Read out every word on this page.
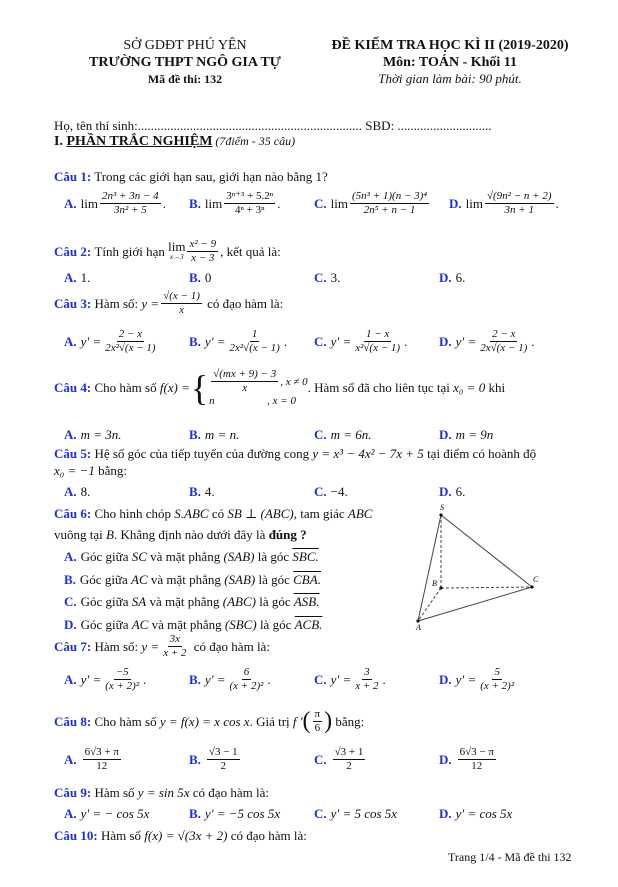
SỞ GDĐT PHÚ YÊN
TRƯỜNG THPT NGÔ GIA TỰ
Mã đề thi: 132
ĐỀ KIỂM TRA HỌC KÌ II (2019-2020)
Môn: TOÁN - Khối 11
Thời gian làm bài: 90 phút.
Họ, tên thí sinh:..................................................................... SBD: .............................
I. PHẦN TRẮC NGHIỆM (7điểm - 35 câu)
Câu 1: Trong các giới hạn sau, giới hạn nào bằng 1?
A. $\lim \frac{\text{2n³ + 3n − 4}}{\text{3n² + 5}}$ .	B. $\lim \frac{\text{3ⁿ⁺³ + 5.2ⁿ}}{\text{4ⁿ + 3ⁿ}}$ .	C. $\lim \frac{\text{(5n³ + 1)(n − 3)⁴}}{\text{2n⁵ + n − 1}} D$. $\lim \frac{\text{√(9n² − n + 2)}}{3n + 1}$ .
Câu 2:
Tính giới hạn
lim
$x\to 3 \frac{\text{x² − 9}}{x - 3}$ , kết quả là:
A. 1.	B. 0	C. 3.	D. 6.
Câu 3:
Hàm số:
$y = \frac{√(x - 1)}{x}$
có đạo hàm là:
A. $y' = \frac{2 - x}{\text{2x²√(x − 1)}} B$. $y' = \frac{1}{\text{2x²√(x − 1)}}$ .	C. $y' = \frac{1 - x}{\text{x²√(x − 1)}}$ .	D. $y' = \frac{2 - x}{2x√(x - 1)}$ .
Câu 4:
Cho hàm số
f(x) = { $\frac{√(mx + 9) - 3}{x}$ , x ≠ 0
n	, x = 0
. Hàm số đã cho liên tục tại
x₀ = 0
khi
A. m = 3n.	B. m = n.	C. m = 6n.	D. m = 9n
Câu 5: Hệ số góc của tiếp tuyến của đường cong y = x³ − 4x² − 7x + 5 tại điểm có hoành độ
x₀ = −1 bằng:
A. 8.	B. 4.	C. −4.	D. 6.
Câu 6: Cho hình chóp S.ABC có SB ⊥ (ABC), tam giác ABC
vuông tại B. Khẳng định nào dưới đây là đúng ?
A. Góc giữa SC và mặt phẳng (SAB) là góc SBC.
B. Góc giữa AC và mặt phẳng (SAB) là góc CBA.
C. Góc giữa SA và mặt phẳng (ABC) là góc ASB.
D. Góc giữa AC và mặt phẳng (SBC) là góc ACB.
S
A
B	C
Câu 7:
Hàm số:
$y = \frac{3x}{x + 2}$
có đạo hàm là:
A. $y' = \frac{-5}{\text{(x + 2)²}}$ .	B. $y' = \frac{6}{\text{(x + 2)²}}$ .	C. $y' = \frac{3}{x + 2}$ .	D. $y' = \frac{5}{\text{(x + 2)²}}$
Câu 8:
Cho hàm số
y = f(x) = x cos x . Giá trị
f ' ( $\frac{\pi}{6}$ )
bằng:
A. $\frac{6√3 + \pi}{12}$	B. $\frac{√3 - 1}{2}$	C. $\frac{√3 + 1}{2}$	D. $\frac{6√3 - \pi}{12}$
Câu 9: Hàm số y = sin 5x có đạo hàm là:
A. y' = − cos 5x	B. y' = −5 cos 5x	C. y' = 5 cos 5x	D. y' = cos 5x
Câu 10: Hàm số f(x) = √(3x + 2) có đạo hàm là:
Trang 1/4 - Mã đề thi 132
